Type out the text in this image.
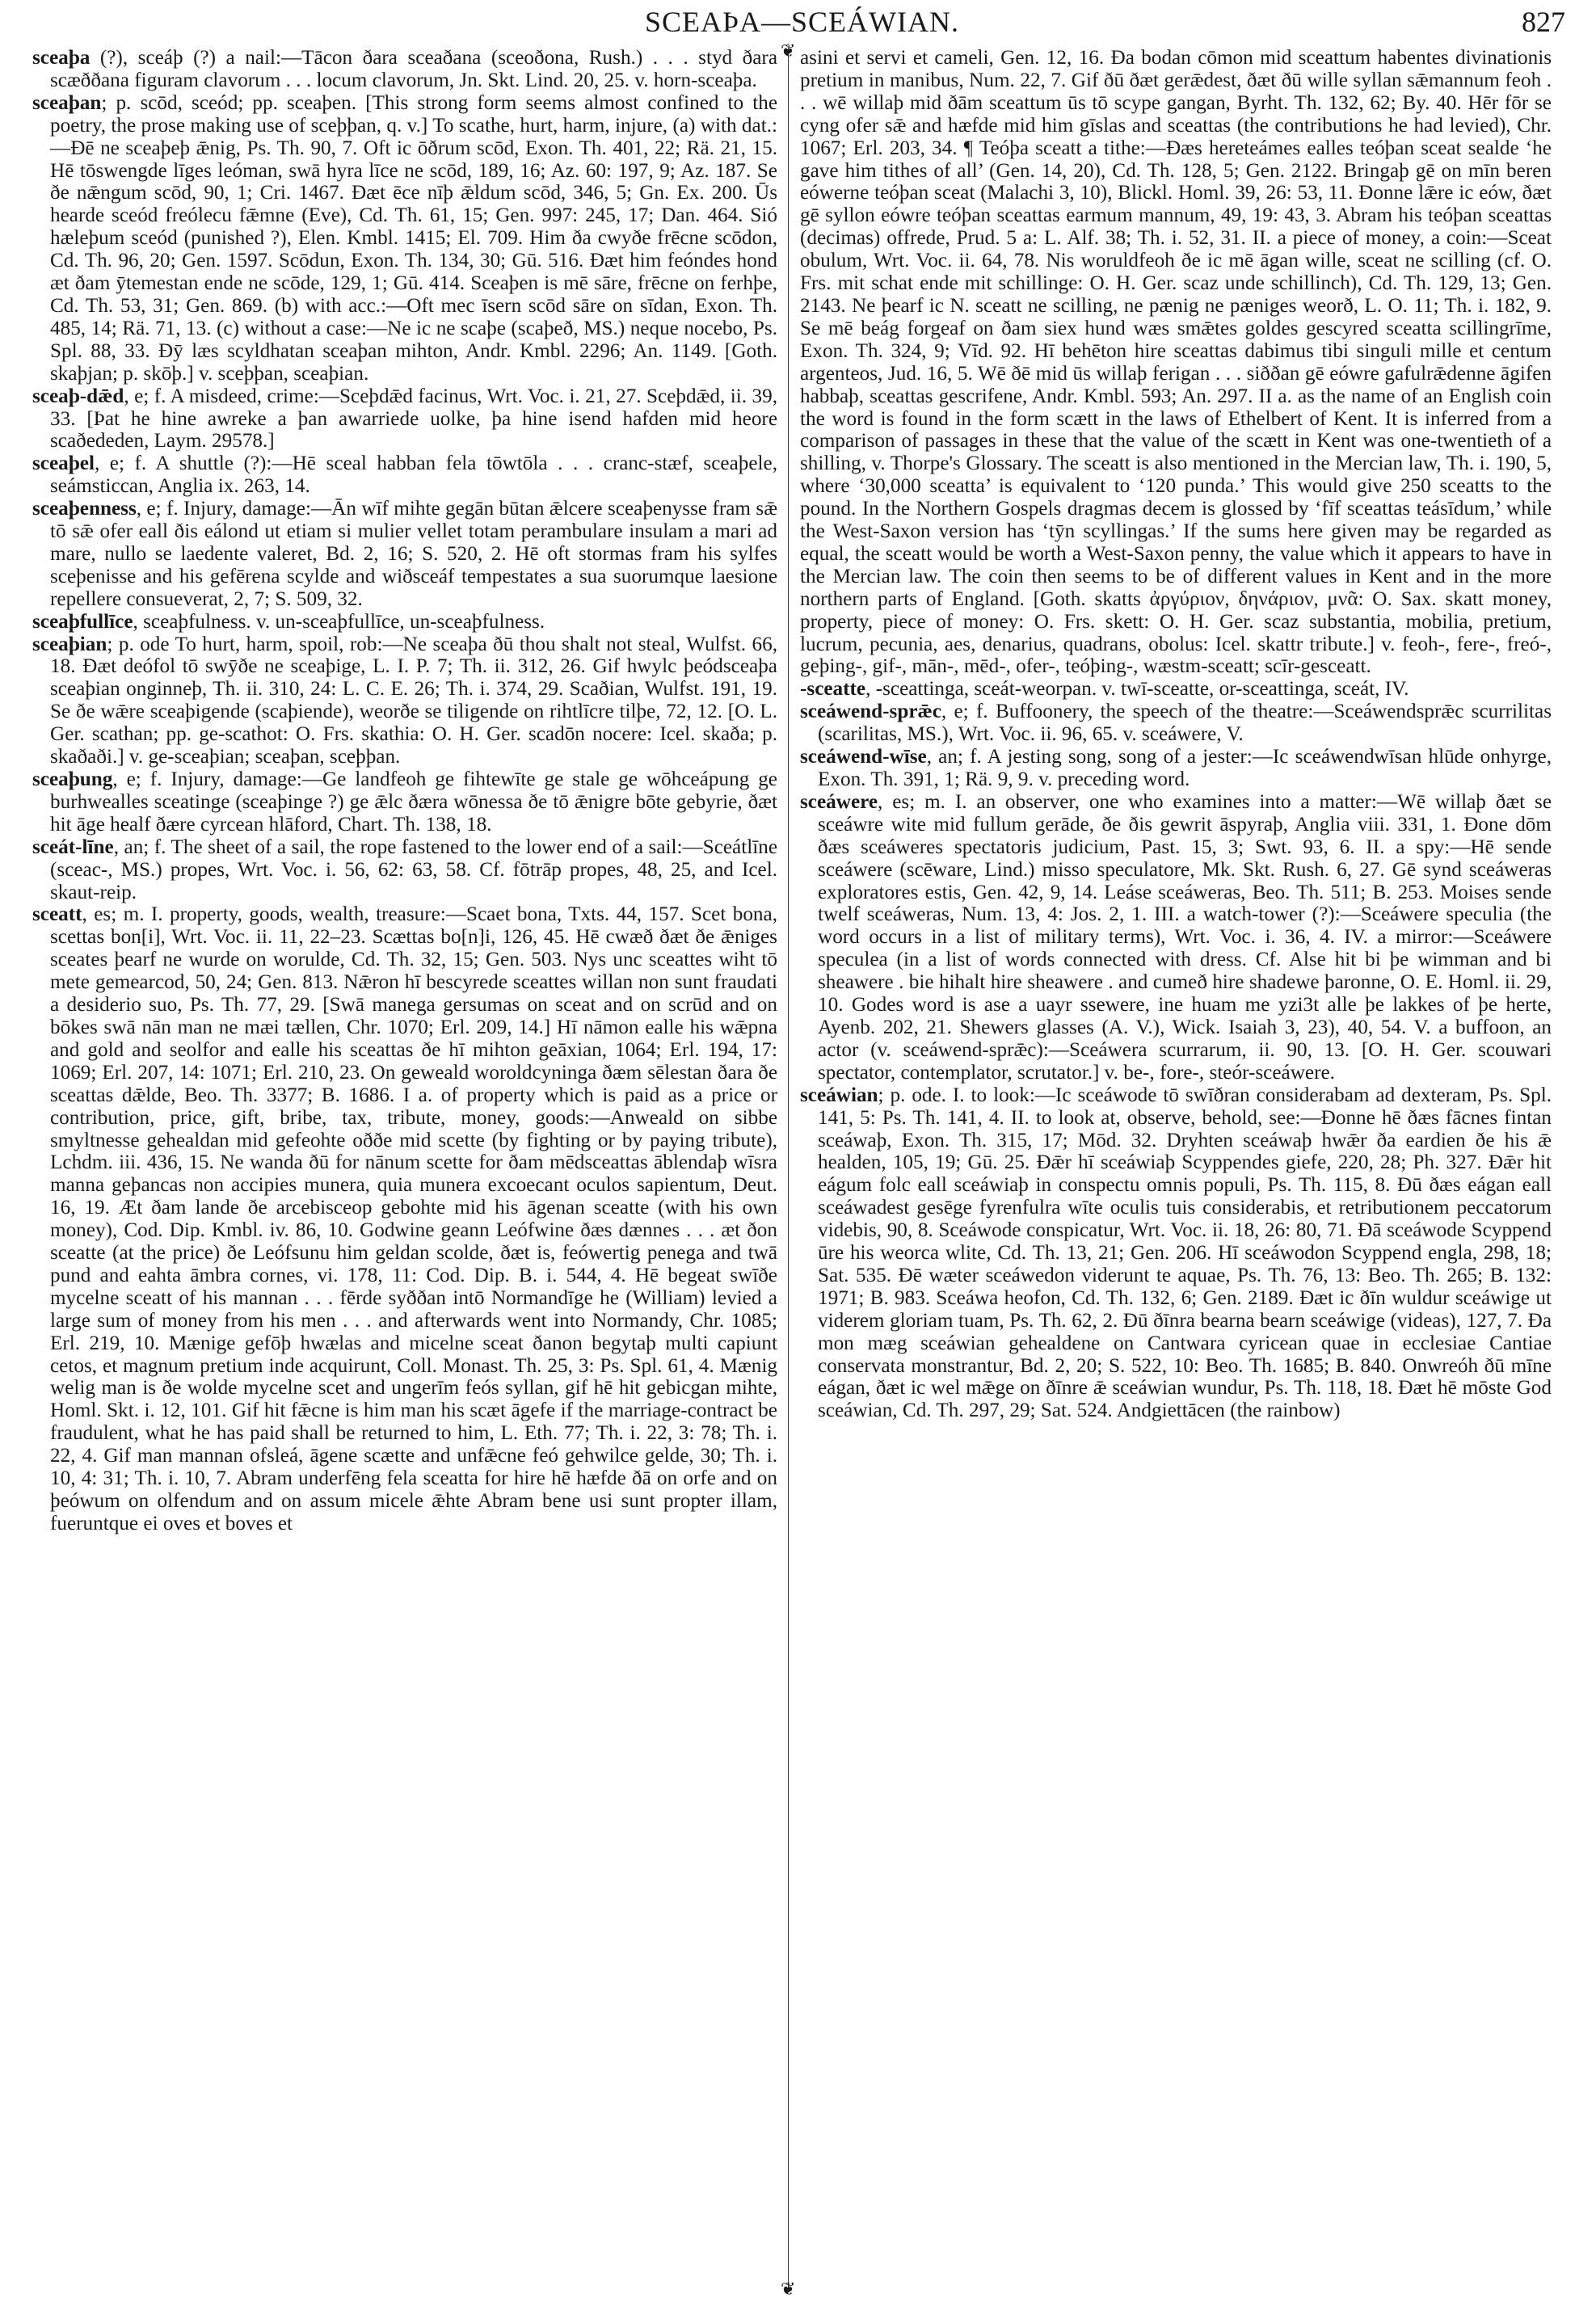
SCEAÞA—SCEÁWIAN.	827

sceaþa (?), sceáþ (?) a nail:—Tācon ðara sceaðana (sceoðona, Rush.) . . . styd ðara scæððana figuram clavorum . . . locum clavorum, Jn. Skt. Lind. 20, 25. v. horn-sceaþa.

sceaþan; p. scōd, sceód; pp. sceaþen. [This strong form seems almost confined to the poetry, the prose making use of sceþþan, q. v.] To scathe, hurt, harm, injure, (a) with dat.:—Ðē ne sceaþeþ ǣnig, Ps. Th. 90, 7. Oft ic ōðrum scōd, Exon. Th. 401, 22; Rä. 21, 15. Hē tōswengde līges leóman, swā hyra līce ne scōd, 189, 16; Az. 60: 197, 9; Az. 187. Se ðe nǣngum scōd, 90, 1; Cri. 1467. Ðæt ēce nīþ ǣldum scōd, 346, 5; Gn. Ex. 200. Ūs hearde sceód freólecu fǣmne (Eve), Cd. Th. 61, 15; Gen. 997: 245, 17; Dan. 464. Sió hæleþum sceód (punished ?), Elen. Kmbl. 1415; El. 709. Him ða cwyðe frēcne scōdon, Cd. Th. 96, 20; Gen. 1597. Scōdun, Exon. Th. 134, 30; Gū. 516. Ðæt him feóndes hond æt ðam ȳtemestan ende ne scōde, 129, 1; Gū. 414. Sceaþen is mē sāre, frēcne on ferhþe, Cd. Th. 53, 31; Gen. 869. (b) with acc.:—Oft mec īsern scōd sāre on sīdan, Exon. Th. 485, 14; Rä. 71, 13. (c) without a case:—Ne ic ne scaþe (scaþeð, MS.) neque nocebo, Ps. Spl. 88, 33. Ðȳ læs scyldhatan sceaþan mihton, Andr. Kmbl. 2296; An. 1149. [Goth. skaþjan; p. skōþ.] v. sceþþan, sceaþian.

sceaþ-dǣd, e; f. A misdeed, crime:—Sceþdǣd facinus, Wrt. Voc. i. 21, 27. Sceþdǣd, ii. 39, 33. [Þat he hine awreke a þan awarriede uolke, þa hine isend hafden mid heore scaðededen, Laym. 29578.]

sceaþel, e; f. A shuttle (?):—Hē sceal habban fela tōwtōla . . . cranc-stæf, sceaþele, seámsticcan, Anglia ix. 263, 14.

sceaþenness, e; f. Injury, damage:—Ān wīf mihte gegān būtan ǣlcere sceaþenysse fram sǣ tō sǣ ofer eall ðis eálond ut etiam si mulier vellet totam perambulare insulam a mari ad mare, nullo se laedente valeret, Bd. 2, 16; S. 520, 2. Hē oft stormas fram his sylfes sceþenisse and his gefērena scylde and wiðsceáf tempestates a sua suorumque laesione repellere consueverat, 2, 7; S. 509, 32.

sceaþfullīce, sceaþfulness. v. un-sceaþfullīce, un-sceaþfulness.

sceaþian; p. ode To hurt, harm, spoil, rob:—Ne sceaþa ðū thou shalt not steal, Wulfst. 66, 18. Ðæt deófol tō swȳðe ne sceaþige, L. I. P. 7; Th. ii. 312, 26. Gif hwylc þeódsceaþa sceaþian onginneþ, Th. ii. 310, 24: L. C. E. 26; Th. i. 374, 29. Scaðian, Wulfst. 191, 19. Se ðe wǣre sceaþigende (scaþiende), weorðe se tiligende on rihtlīcre tilþe, 72, 12. [O. L. Ger. scathan; pp. ge-scathot: O. Frs. skathia: O. H. Ger. scadōn nocere: Icel. skaða; p. skaðaði.] v. ge-sceaþian; sceaþan, sceþþan.

sceaþung, e; f. Injury, damage:—Ge landfeoh ge fihtewīte ge stale ge wōhceápung ge burhwealles sceatinge (sceaþinge ?) ge ǣlc ðæra wōnessa ðe tō ǣnigre bōte gebyrie, ðæt hit āge healf ðære cyrcean hlāford, Chart. Th. 138, 18.

sceát-līne, an; f. The sheet of a sail, the rope fastened to the lower end of a sail:—Sceátlīne (sceac-, MS.) propes, Wrt. Voc. i. 56, 62: 63, 58. Cf. fōtrāp propes, 48, 25, and Icel. skaut-reip.

sceatt, es; m. I. property, goods, wealth, treasure:—Scaet bona, Txts. 44, 157. Scet bona, scettas bon[i], Wrt. Voc. ii. 11, 22–23. Scættas bo[n]i, 126, 45. Hē cwæð ðæt ðe ǣniges sceates þearf ne wurde on woruldе, Cd. Th. 32, 15; Gen. 503. Nys unc sceattes wiht tō mete gemearcod, 50, 24; Gen. 813. Nǣron hī bescyrede sceattes willan non sunt fraudati a desiderio suo, Ps. Th. 77, 29. [Swā manega gersumas on sceat and on scrūd and on bōkes swā nān man ne mæi tællen, Chr. 1070; Erl. 209, 14.] Hī nāmon ealle his wǣpna and gold and seolfor and ealle his sceattas ðe hī mihton geāxian, 1064; Erl. 194, 17: 1069; Erl. 207, 14: 1071; Erl. 210, 23. On geweald woroldcyninga ðæm sēlestan ðara ðe sceattas dǣlde, Beo. Th. 3377; B. 1686. I a. of property which is paid as a price or contribution, price, gift, bribe, tax, tribute, money, goods:—Anweald on sibbe smyltnesse gehealdan mid gefeohte oððe mid scette (by fighting or by paying tribute), Lchdm. iii. 436, 15. Ne wanda ðū for nānum scette for ðam mēdsceattas āblendaþ wīsra manna geþancas non accipies munera, quia munera excoecant oculos sapientum, Deut. 16, 19. Æt ðam lande ðe arcebisceop gebohte mid his āgenan sceatte (with his own money), Cod. Dip. Kmbl. iv. 86, 10. Godwine geann Leófwine ðæs dænnes . . . æt ðon sceatte (at the price) ðe Leófsunu him geldan scolde, ðæt is, feówertig penega and twā pund and eahta āmbra cornes, vi. 178, 11: Cod. Dip. B. i. 544, 4. Hē begeat swīðe mycelne sceatt of his mannan . . . fērde syððan intō Normandīge he (William) levied a large sum of money from his men . . . and afterwards went into Normandy, Chr. 1085; Erl. 219, 10. Mænige gefōþ hwælas and micelne sceat ðanon begytaþ multi capiunt cetos, et magnum pretium inde acquirunt, Coll. Monast. Th. 25, 3: Ps. Spl. 61, 4. Mænig welig man is ðe wolde mycelne scet and ungerīm feós syllan, gif hē hit gebicgan mihte, Homl. Skt. i. 12, 101. Gif hit fǣcne is him man his scæt āgefe if the marriage-contract be fraudulent, what he has paid shall be returned to him, L. Eth. 77; Th. i. 22, 3: 78; Th. i. 22, 4. Gif man mannan ofsleá, āgene scætte and unfǣcne feó gehwilce gelde, 30; Th. i. 10, 4: 31; Th. i. 10, 7. Abram underfēng fela sceatta for hire hē hæfde ðā on orfe and on þeówum on olfendum and on assum micele ǣhte Abram bene usi sunt propter illam, fueruntque ei oves et boves et

❦
❦

asini et servi et cameli, Gen. 12, 16. Ða bodan cōmon mid sceattum habentes divinationis pretium in manibus, Num. 22, 7. Gif ðū ðæt gerǣdest, ðæt ðū wille syllan sǣmannum feoh . . . wē willaþ mid ðām sceattum ūs tō scype gangan, Byrht. Th. 132, 62; By. 40. Hēr fōr se cyng ofer sǣ and hæfde mid him gīslas and sceattas (the contributions he had levied), Chr. 1067; Erl. 203, 34. ¶ Teóþa sceatt a tithe:—Ðæs hereteámes ealles teóþan sceat sealde ‘he gave him tithes of all’ (Gen. 14, 20), Cd. Th. 128, 5; Gen. 2122. Bringaþ gē on mīn beren eówerne teóþan sceat (Malachi 3, 10), Blickl. Homl. 39, 26: 53, 11. Ðonne lǣre ic eów, ðæt gē syllon eówre teóþan sceattas earmum mannum, 49, 19: 43, 3. Abram his teóþan sceattas (decimas) offrede, Prud. 5 a: L. Alf. 38; Th. i. 52, 31. II. a piece of money, a coin:—Sceat obulum, Wrt. Voc. ii. 64, 78. Nis woruldfeoh ðe ic mē āgan wille, sceat ne scilling (cf. O. Frs. mit schat ende mit schillinge: O. H. Ger. scaz unde schillinch), Cd. Th. 129, 13; Gen. 2143. Ne þearf ic N. sceatt ne scilling, ne pænig ne pæniges weorð, L. O. 11; Th. i. 182, 9. Se mē beág forgeaf on ðam siex hund wæs smǣtes goldes gescyred sceatta scillingrīme, Exon. Th. 324, 9; Vīd. 92. Hī behēton hire sceattas dabimus tibi singuli mille et centum argenteos, Jud. 16, 5. Wē ðē mid ūs willaþ ferigan . . . siððan gē eówre gafulrǣdenne āgifen habbaþ, sceattas gescrifene, Andr. Kmbl. 593; An. 297. II a. as the name of an English coin the word is found in the form scætt in the laws of Ethelbert of Kent. It is inferred from a comparison of passages in these that the value of the scætt in Kent was one-twentieth of a shilling, v. Thorpe's Glossary. The sceatt is also mentioned in the Mercian law, Th. i. 190, 5, where ‘30,000 sceatta’ is equivalent to ‘120 punda.’ This would give 250 sceatts to the pound. In the Northern Gospels dragmas decem is glossed by ‘fīf sceattas teásīdum,’ while the West-Saxon version has ‘tȳn scyllingas.’ If the sums here given may be regarded as equal, the sceatt would be worth a West-Saxon penny, the value which it appears to have in the Mercian law. The coin then seems to be of different values in Kent and in the more northern parts of England. [Goth. skatts ἀργύριον, δηνάριον, μνᾶ: O. Sax. skatt money, property, piece of money: O. Frs. skett: O. H. Ger. scaz substantia, mobilia, pretium, lucrum, pecunia, aes, denarius, quadrans, obolus: Icel. skattr tribute.] v. feoh-, fere-, freó-, geþing-, gif-, mān-, mēd-, ofer-, teóþing-, wæstm-sceatt; scīr-gesceatt.

-sceatte, -sceattinga, sceát-weorpan. v. twī-sceatte, or-sceattinga, sceát, IV.

sceáwend-sprǣc, e; f. Buffoonery, the speech of the theatre:—Sceáwendsprǣc scurrilitas (scarilitas, MS.), Wrt. Voc. ii. 96, 65. v. sceáwere, V.

sceáwend-wīse, an; f. A jesting song, song of a jester:—Ic sceáwendwīsan hlūde onhyrge, Exon. Th. 391, 1; Rä. 9, 9. v. preceding word.

sceáwere, es; m. I. an observer, one who examines into a matter:—Wē willaþ ðæt se sceáwre wite mid fullum gerāde, ðe ðis gewrit āspyraþ, Anglia viii. 331, 1. Ðone dōm ðæs sceáweres spectatoris judicium, Past. 15, 3; Swt. 93, 6. II. a spy:—Hē sende sceáwere (scēware, Lind.) misso speculatore, Mk. Skt. Rush. 6, 27. Gē synd sceáweras exploratores estis, Gen. 42, 9, 14. Leáse sceáweras, Beo. Th. 511; B. 253. Moises sende twelf sceáweras, Num. 13, 4: Jos. 2, 1. III. a watch-tower (?):—Sceáwere speculia (the word occurs in a list of military terms), Wrt. Voc. i. 36, 4. IV. a mirror:—Sceáwere speculea (in a list of words connected with dress. Cf. Alse hit bi þe wimman and bi sheawere . bie hihalt hire sheawere . and cumeð hire shadewe þaronne, O. E. Homl. ii. 29, 10. Godes word is ase a uayr ssewere, ine huam me yzi3t alle þe lakkes of þe herte, Ayenb. 202, 21. Shewers glasses (A. V.), Wick. Isaiah 3, 23), 40, 54. V. a buffoon, an actor (v. sceáwend-sprǣc):—Sceáwera scurrarum, ii. 90, 13. [O. H. Ger. scouwari spectator, contemplator, scrutator.] v. be-, fore-, steór-sceáwere.

sceáwian; p. ode. I. to look:—Ic sceáwode tō swīðran considerabam ad dexteram, Ps. Spl. 141, 5: Ps. Th. 141, 4. II. to look at, observe, behold, see:—Ðonne hē ðæs fācnes fintan sceáwaþ, Exon. Th. 315, 17; Mōd. 32. Dryhten sceáwaþ hwǣr ða eardien ðe his ǣ healden, 105, 19; Gū. 25. Ðǣr hī sceáwiaþ Scyppendes giefe, 220, 28; Ph. 327. Ðǣr hit eágum folc eall sceáwiaþ in conspectu omnis populi, Ps. Th. 115, 8. Ðū ðæs eágan eall sceáwadest gesēge fyrenfulra wīte oculis tuis considerabis, et retributionem peccatorum videbis, 90, 8. Sceáwode conspicatur, Wrt. Voc. ii. 18, 26: 80, 71. Ðā sceáwode Scyppend ūre his weorca wlite, Cd. Th. 13, 21; Gen. 206. Hī sceáwodon Scyppend engla, 298, 18; Sat. 535. Ðē wæter sceáwedon viderunt te aquae, Ps. Th. 76, 13: Beo. Th. 265; B. 132: 1971; B. 983. Sceáwa heofon, Cd. Th. 132, 6; Gen. 2189. Ðæt ic ðīn wuldur sceáwige ut viderem gloriam tuam, Ps. Th. 62, 2. Ðū ðīnra bearna bearn sceáwige (videas), 127, 7. Ða mon mæg sceáwian gehealdene on Cantwara cyricean quae in ecclesiae Cantiae conservata monstrantur, Bd. 2, 20; S. 522, 10: Beo. Th. 1685; B. 840. Onwreóh ðū mīne eágan, ðæt ic wel mǣge on ðīnre ǣ sceáwian wundur, Ps. Th. 118, 18. Ðæt hē mōste God sceáwian, Cd. Th. 297, 29; Sat. 524. Andgiettācen (the rainbow)
